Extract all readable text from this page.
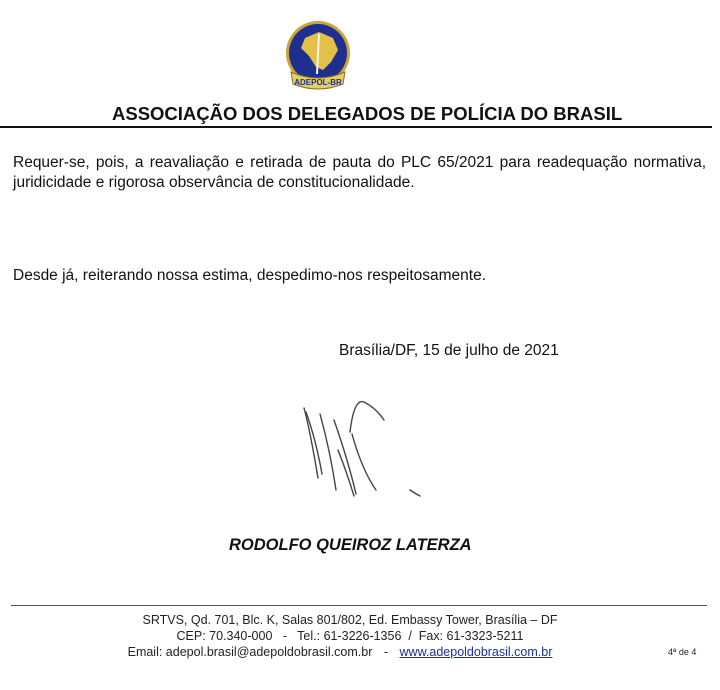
ADEPOL-BR
ASSOCIAÇÃO DOS DELEGADOS DE POLÍCIA DO BRASIL
Requer-se, pois, a reavaliação e retirada de pauta do PLC 65/2021 para readequação normativa, juridicidade e rigorosa observância de constitucionalidade.
Desde já, reiterando nossa estima, despedimo-nos respeitosamente.
Brasília/DF, 15 de julho de 2021
RODOLFO QUEIROZ LATERZA
SRTVS, Qd. 701, Blc. K, Salas 801/802, Ed. Embassy Tower, Brasília – DF
CEP: 70.340-000   -   Tel.: 61-3226-1356  /  Fax: 61-3323-5211
Email: adepol.brasil@adepoldobrasil.com.br - www.adepoldobrasil.com.br	4ª de 4
